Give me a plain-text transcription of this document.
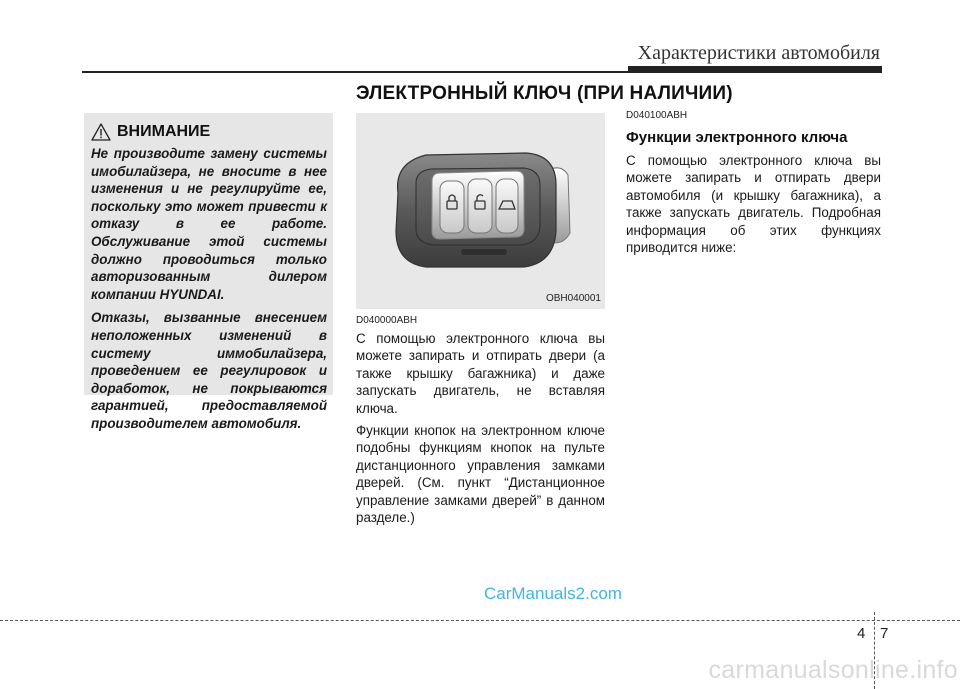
Характеристики автомобиля
ЭЛЕКТРОННЫЙ КЛЮЧ (ПРИ НАЛИЧИИ)
ВНИМАНИЕ

Не производите замену системы имобилайзера, не вносите в нее изменения и не регулируйте ее, поскольку это может привести к отказу в ее работе. Обслуживание этой системы должно проводиться только авторизованным дилером компании HYUNDAI.

Отказы, вызванные внесением неположенных изменений в систему иммобилайзера, проведением ее регулировок и доработок, не покрываются гарантией, предоставляемой производителем автомобиля.

OBH040001
D040000ABH

С помощью электронного ключа вы можете запирать и отпирать двери (а также крышку багажника) и даже запускать двигатель, не вставляя ключа.

Функции кнопок на электронном ключе подобны функциям кнопок на пульте дистанционного управления замками дверей. (См. пункт “Дистанционное управление замками дверей” в данном разделе.)

D040100ABH
Функции электронного ключа

С помощью электронного ключа вы можете запирать и отпирать двери автомобиля (и крышку багажника), а также запускать двигатель. Подробная информация об этих функциях приводится ниже:

CarManuals2.com
4 7
carmanualsonline.info
